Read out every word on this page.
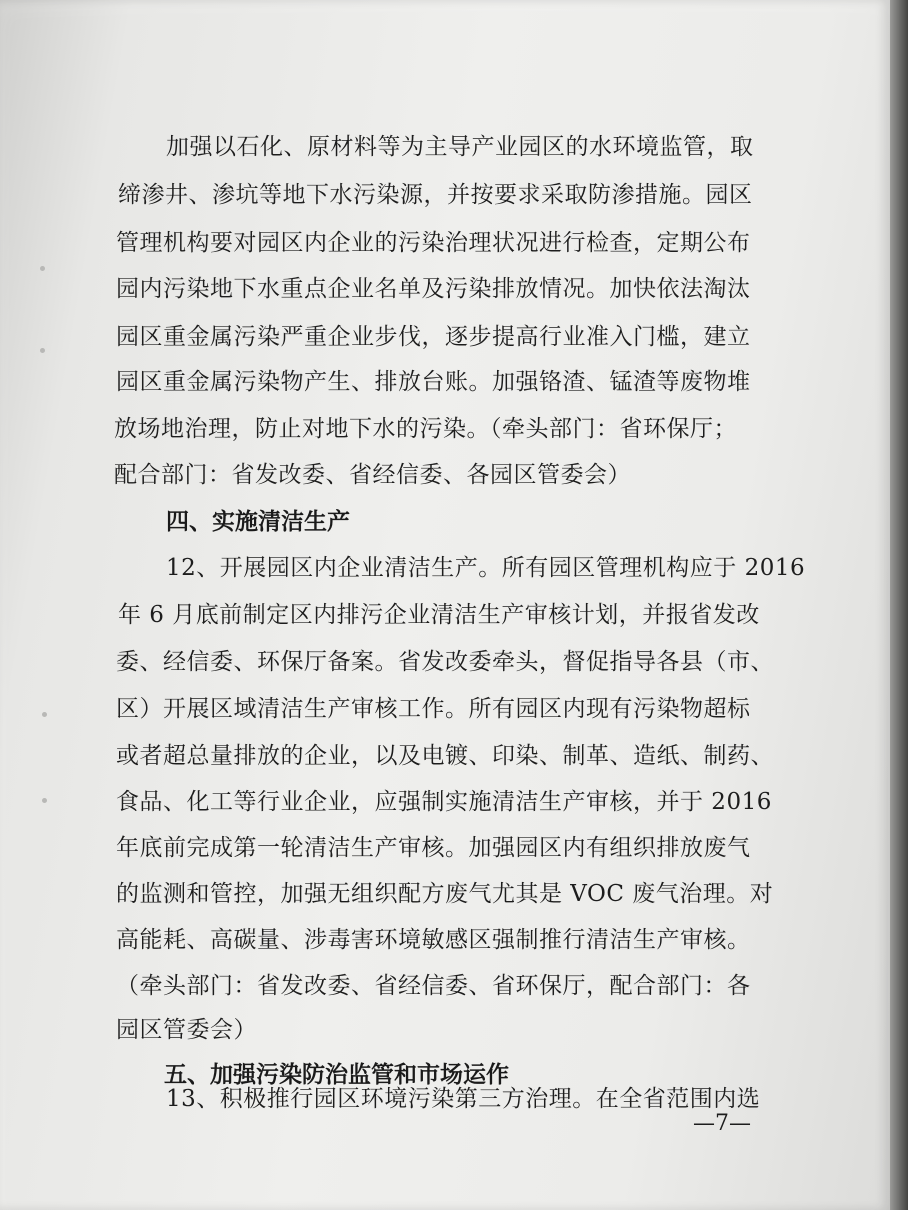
加强以石化、原材料等为主导产业园区的水环境监管，取
缔渗井、渗坑等地下水污染源，并按要求采取防渗措施。园区
管理机构要对园区内企业的污染治理状况进行检查，定期公布
园内污染地下水重点企业名单及污染排放情况。加快依法淘汰
园区重金属污染严重企业步伐，逐步提高行业准入门槛，建立
园区重金属污染物产生、排放台账。加强铬渣、锰渣等废物堆
放场地治理，防止对地下水的污染。（牵头部门：省环保厅；
配合部门：省发改委、省经信委、各园区管委会）
四、实施清洁生产
12、开展园区内企业清洁生产。所有园区管理机构应于 2016
年 6 月底前制定区内排污企业清洁生产审核计划，并报省发改
委、经信委、环保厅备案。省发改委牵头，督促指导各县（市、
区）开展区域清洁生产审核工作。所有园区内现有污染物超标
或者超总量排放的企业，以及电镀、印染、制革、造纸、制药、
食品、化工等行业企业，应强制实施清洁生产审核，并于 2016
年底前完成第一轮清洁生产审核。加强园区内有组织排放废气
的监测和管控，加强无组织配方废气尤其是 VOC 废气治理。对
高能耗、高碳量、涉毒害环境敏感区强制推行清洁生产审核。
（牵头部门：省发改委、省经信委、省环保厅，配合部门：各
园区管委会）
五、加强污染防治监管和市场运作
13、积极推行园区环境污染第三方治理。在全省范围内选
—7—
